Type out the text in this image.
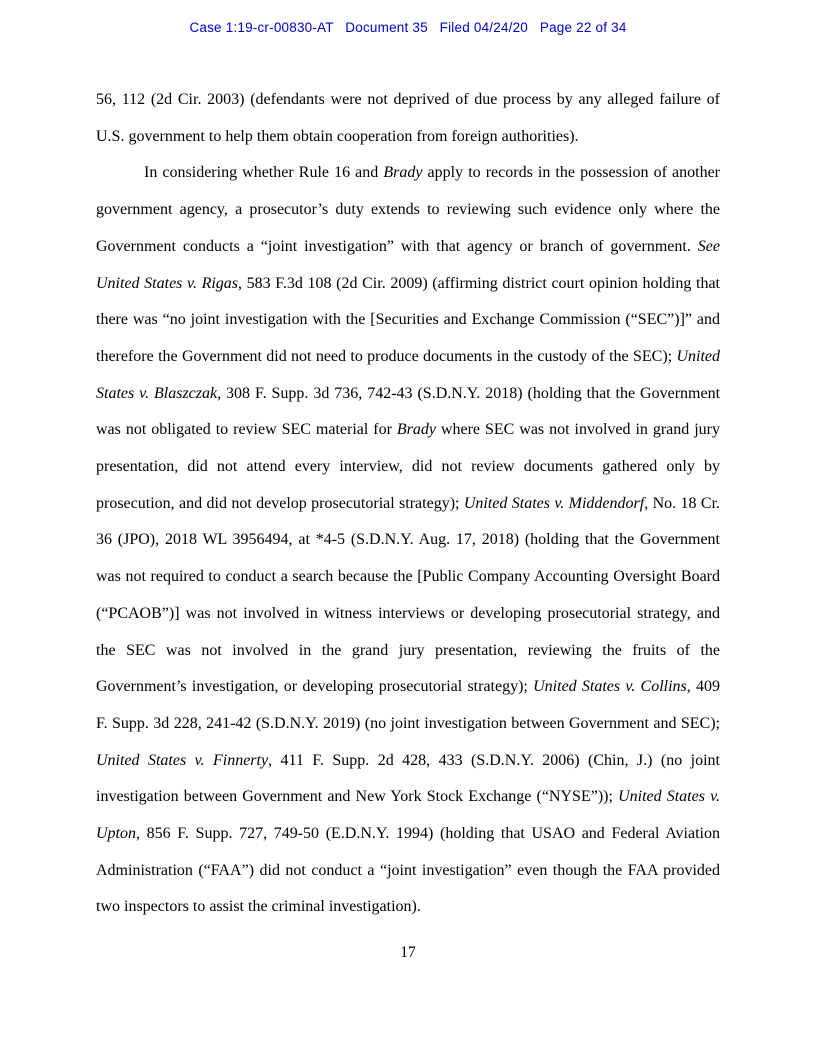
Case 1:19-cr-00830-AT   Document 35   Filed 04/24/20   Page 22 of 34

56, 112 (2d Cir. 2003) (defendants were not deprived of due process by any alleged failure of U.S. government to help them obtain cooperation from foreign authorities).

In considering whether Rule 16 and Brady apply to records in the possession of another government agency, a prosecutor’s duty extends to reviewing such evidence only where the Government conducts a “joint investigation” with that agency or branch of government. See United States v. Rigas, 583 F.3d 108 (2d Cir. 2009) (affirming district court opinion holding that there was “no joint investigation with the [Securities and Exchange Commission (“SEC”)]” and therefore the Government did not need to produce documents in the custody of the SEC); United States v. Blaszczak, 308 F. Supp. 3d 736, 742-43 (S.D.N.Y. 2018) (holding that the Government was not obligated to review SEC material for Brady where SEC was not involved in grand jury presentation, did not attend every interview, did not review documents gathered only by prosecution, and did not develop prosecutorial strategy); United States v. Middendorf, No. 18 Cr. 36 (JPO), 2018 WL 3956494, at *4-5 (S.D.N.Y. Aug. 17, 2018) (holding that the Government was not required to conduct a search because the [Public Company Accounting Oversight Board (“PCAOB”)] was not involved in witness interviews or developing prosecutorial strategy, and the SEC was not involved in the grand jury presentation, reviewing the fruits of the Government’s investigation, or developing prosecutorial strategy); United States v. Collins, 409 F. Supp. 3d 228, 241-42 (S.D.N.Y. 2019) (no joint investigation between Government and SEC); United States v. Finnerty, 411 F. Supp. 2d 428, 433 (S.D.N.Y. 2006) (Chin, J.) (no joint investigation between Government and New York Stock Exchange (“NYSE”)); United States v. Upton, 856 F. Supp. 727, 749-50 (E.D.N.Y. 1994) (holding that USAO and Federal Aviation Administration (“FAA”) did not conduct a “joint investigation” even though the FAA provided two inspectors to assist the criminal investigation).

17
